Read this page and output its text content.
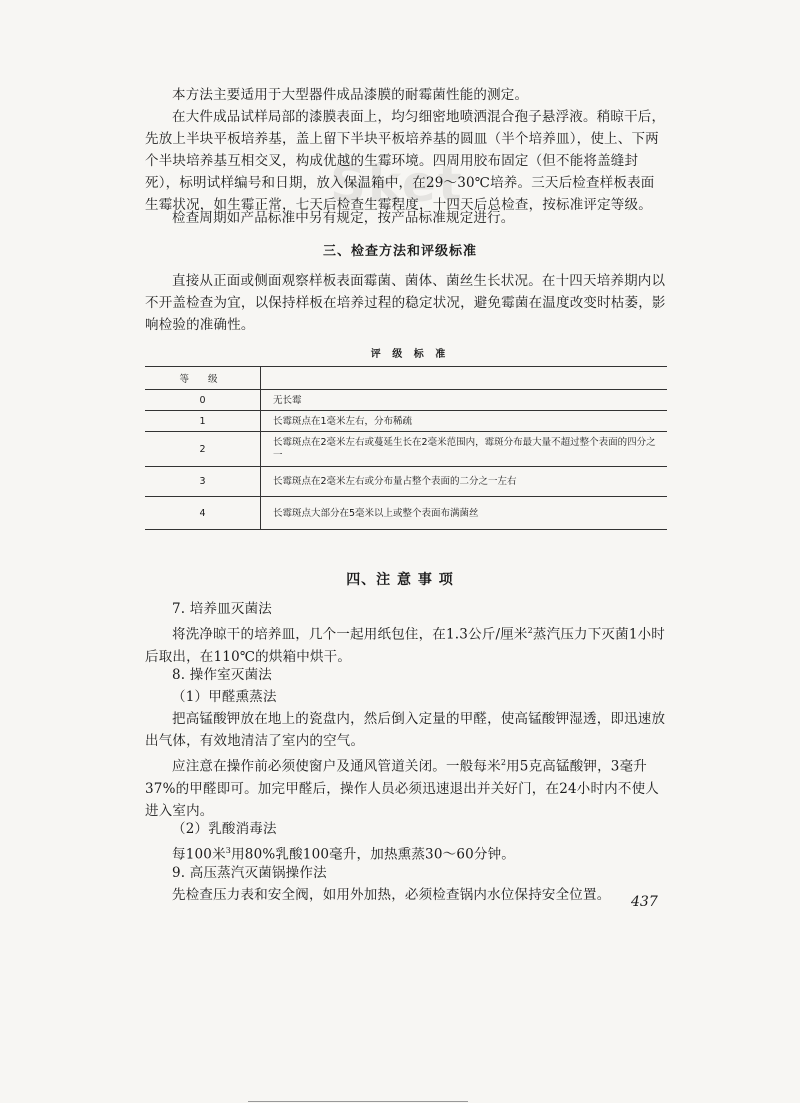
Sket

本方法主要适用于大型器件成品漆膜的耐霉菌性能的测定。

在大件成品试样局部的漆膜表面上，均匀细密地喷洒混合孢子悬浮液。稍晾干后，先放上半块平板培养基，盖上留下半块平板培养基的圆皿（半个培养皿），使上、下两个半块培养基互相交叉，构成优越的生霉环境。四周用胶布固定（但不能将盖缝封死），标明试样编号和日期，放入保温箱中，在29～30℃培养。三天后检查样板表面生霉状况，如生霉正常，七天后检查生霉程度，十四天后总检查，按标准评定等级。

检查周期如产品标准中另有规定，按产品标准规定进行。

三、检查方法和评级标准

直接从正面或侧面观察样板表面霉菌、菌体、菌丝生长状况。在十四天培养期内以不开盖检查为宜，以保持样板在培养过程的稳定状况，避免霉菌在温度改变时枯萎，影响检验的准确性。

评 级 标 准
等 级	
0	无长霉
1	长霉斑点在1毫米左右，分布稀疏
2	长霉斑点在2毫米左右或蔓延生长在2毫米范围内，霉斑分布最大量不超过整个表面的四分之一
3	长霉斑点在2毫米左右或分布量占整个表面的二分之一左右
4	长霉斑点大部分在5毫米以上或整个表面布满菌丝
四、注 意 事 项

7. 培养皿灭菌法

将洗净晾干的培养皿，几个一起用纸包住，在1.3公斤/厘米$^2$蒸汽压力下灭菌1小时后取出，在110℃的烘箱中烘干。

8. 操作室灭菌法

（1）甲醛熏蒸法

把高锰酸钾放在地上的瓷盘内，然后倒入定量的甲醛，使高锰酸钾湿透，即迅速放出气体，有效地清洁了室内的空气。

应注意在操作前必须使窗户及通风管道关闭。一般每米$^2$用5克高锰酸钾，3毫升37%的甲醛即可。加完甲醛后，操作人员必须迅速退出并关好门，在24小时内不使人进入室内。

（2）乳酸消毒法

每100米$^3$用80%乳酸100毫升，加热熏蒸30～60分钟。

9. 高压蒸汽灭菌锅操作法

先检查压力表和安全阀，如用外加热，必须检查锅内水位保持安全位置。	437
